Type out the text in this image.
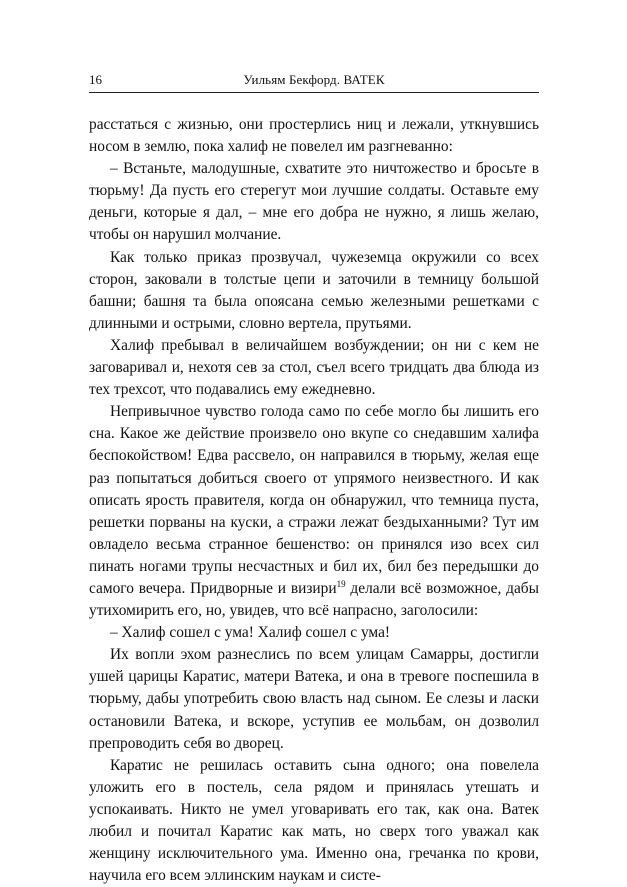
16	Уильям Бекфорд. ВАТЕК

расстаться с жизнью, они простерлись ниц и лежали, уткнувшись носом в землю, пока халиф не повелел им разгневанно:

– Встаньте, малодушные, схватите это ничтожество и бросьте в тюрьму! Да пусть его стерегут мои лучшие солдаты. Оставьте ему деньги, которые я дал, – мне его добра не нужно, я лишь желаю, чтобы он нарушил молчание.

Как только приказ прозвучал, чужеземца окружили со всех сторон, заковали в толстые цепи и заточили в темницу большой башни; башня та была опоясана семью железными решетками с длинными и острыми, словно вертела, прутьями.

Халиф пребывал в величайшем возбуждении; он ни с кем не заговаривал и, нехотя сев за стол, съел всего тридцать два блюда из тех трехсот, что подавались ему ежедневно.

Непривычное чувство голода само по себе могло бы лишить его сна. Какое же действие произвело оно вкупе со снедавшим халифа беспокойством! Едва рассвело, он направился в тюрьму, желая еще раз попытаться добиться своего от упрямого неизвестного. И как описать ярость правителя, когда он обнаружил, что темница пуста, решетки порваны на куски, а стражи лежат бездыханными? Тут им овладело весьма странное бешенство: он принялся изо всех сил пинать ногами трупы несчастных и бил их, бил без передышки до самого вечера. Придворные и визири$^{19}$ делали всё возможное, дабы утихомирить его, но, увидев, что всё напрасно, заголосили:

– Халиф сошел с ума! Халиф сошел с ума!

Их вопли эхом разнеслись по всем улицам Самарры, достигли ушей царицы Каратис, матери Ватека, и она в тревоге поспешила в тюрьму, дабы употребить свою власть над сыном. Ее слезы и ласки остановили Ватека, и вскоре, уступив ее мольбам, он дозволил препроводить себя во дворец.

Каратис не решилась оставить сына одного; она повелела уложить его в постель, села рядом и принялась утешать и успокаивать. Никто не умел уговаривать его так, как она. Ватек любил и почитал Каратис как мать, но сверх того уважал как женщину исключительного ума. Именно она, гречанка по крови, научила его всем эллинским наукам и систе-
